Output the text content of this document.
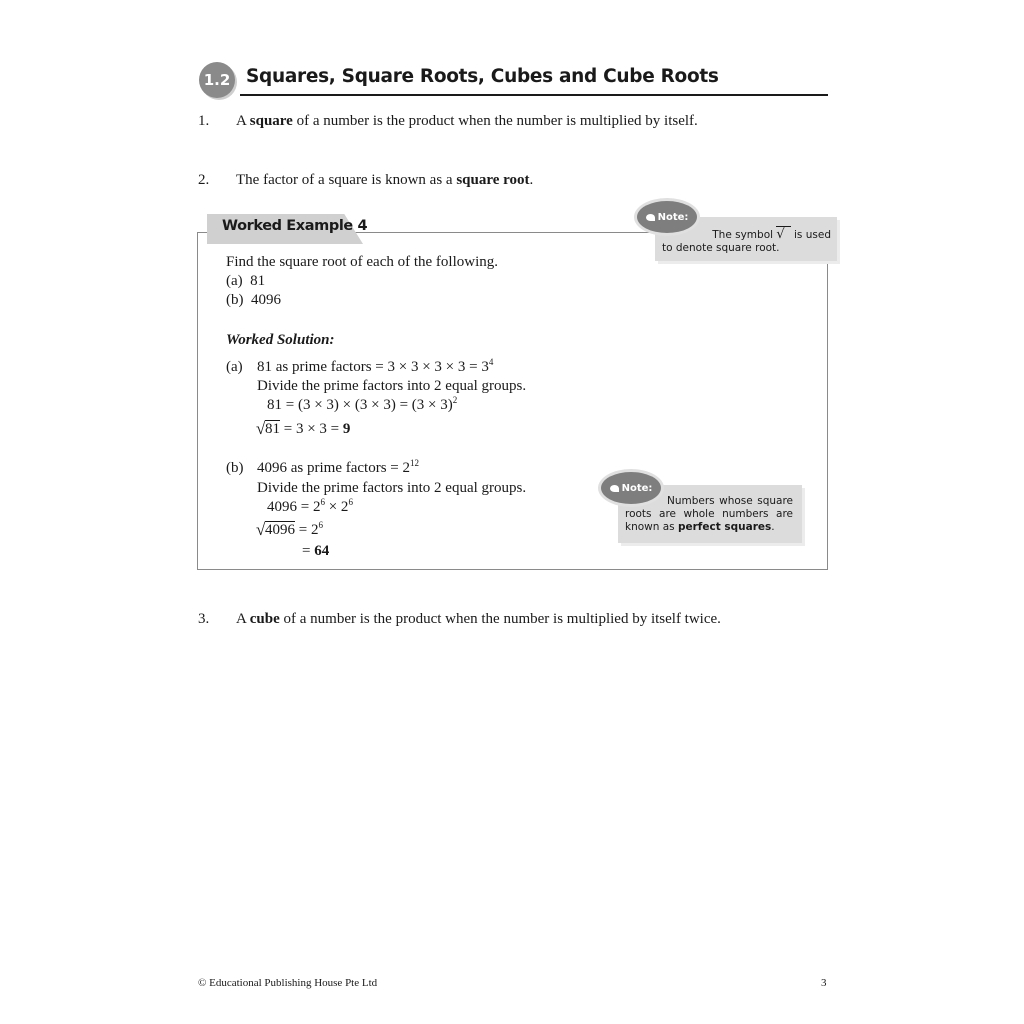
1.2 Squares, Square Roots, Cubes and Cube Roots
1. A square of a number is the product when the number is multiplied by itself.
2. The factor of a square is known as a square root.
Worked Example 4
Find the square root of each of the following.
(a) 81
(b) 4096
Worked Solution:
(a) 81 as prime factors = $3 \times 3 \times 3 \times 3 = 3^4$
Divide the prime factors into 2 equal groups.
$81 = (3 \times 3) \times (3 \times 3) = (3 \times 3)^2$
√ 81 = 3 × 3 = 9
(b) 4096 as prime factors = $2^{12}$
Divide the prime factors into 2 equal groups.
$4096 = 2^6 \times 2^6$
√ $4096 = 2^6$
= 64
The symbol √ is used
to denote square root.
Note:
Numbers whose square roots are whole numbers are known as perfect squares.
Note:
3. A cube of a number is the product when the number is multiplied by itself twice.
© Educational Publishing House Pte Ltd	3
